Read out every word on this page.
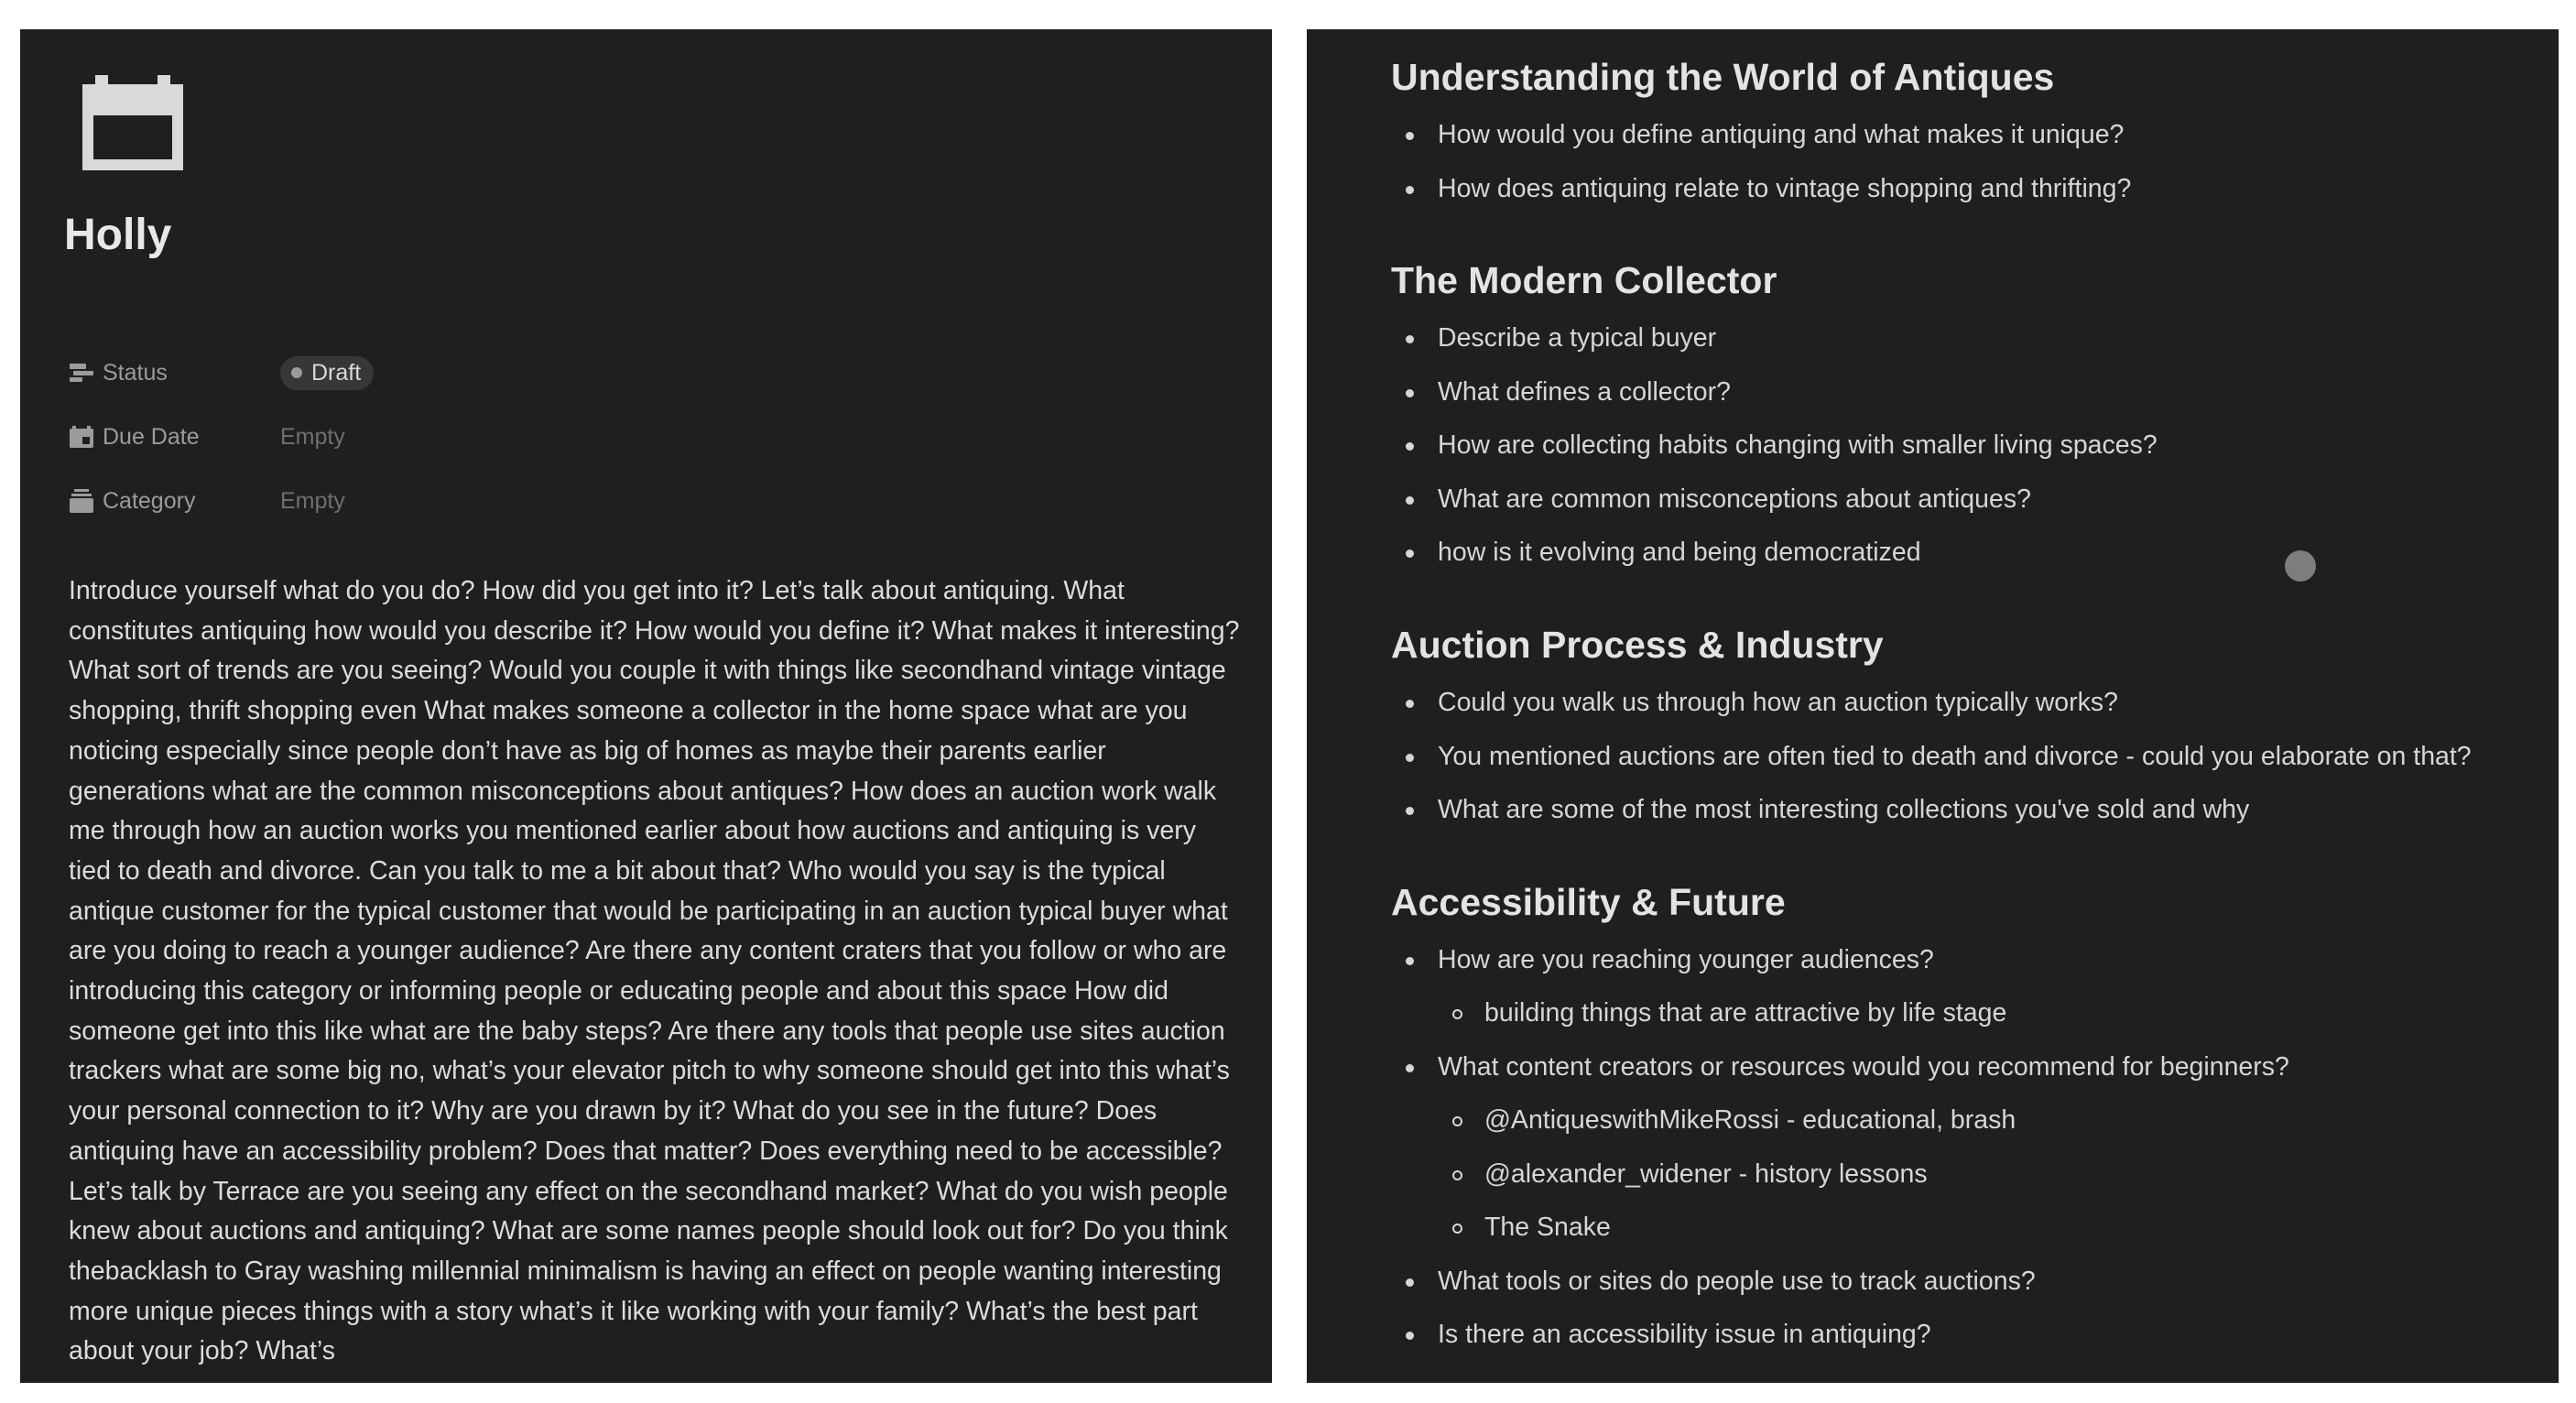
Holly
Status	Draft
Due Date	Empty
Category	Empty

Introduce yourself what do you do? How did you get into it? Let’s talk about antiquing. What constitutes antiquing how would you describe it? How would you define it? What makes it interesting? What sort of trends are you seeing? Would you couple it with things like secondhand vintage vintage shopping, thrift shopping even What makes someone a collector in the home space what are you noticing especially since people don’t have as big of homes as maybe their parents earlier generations what are the common misconceptions about antiques? How does an auction work walk me through how an auction works you mentioned earlier about how auctions and antiquing is very tied to death and divorce. Can you talk to me a bit about that? Who would you say is the typical antique customer for the typical customer that would be participating in an auction typical buyer what are you doing to reach a younger audience? Are there any content craters that you follow or who are introducing this category or informing people or educating people and about this space How did someone get into this like what are the baby steps? Are there any tools that people use sites auction trackers what are some big no, what’s your elevator pitch to why someone should get into this what’s your personal connection to it? Why are you drawn by it? What do you see in the future? Does antiquing have an accessibility problem? Does that matter? Does everything need to be accessible? Let’s talk by Terrace are you seeing any effect on the secondhand market? What do you wish people knew about auctions and antiquing? What are some names people should look out for? Do you think thebacklash to Gray washing millennial minimalism is having an effect on people wanting interesting more unique pieces things with a story what’s it like working with your family? What’s the best part about your job? What’s

Understanding the World of Antiques
How would you define antiquing and what makes it unique?
How does antiquing relate to vintage shopping and thrifting?
The Modern Collector
Describe a typical buyer
What defines a collector?
How are collecting habits changing with smaller living spaces?
What are common misconceptions about antiques?
how is it evolving and being democratized
Auction Process & Industry
Could you walk us through how an auction typically works?
You mentioned auctions are often tied to death and divorce - could you elaborate on that?
What are some of the most interesting collections you've sold and why
Accessibility & Future
How are you reaching younger audiences?
building things that are attractive by life stage
What content creators or resources would you recommend for beginners?
@AntiqueswithMikeRossi - educational, brash
@alexander_widener - history lessons
The Snake
What tools or sites do people use to track auctions?
Is there an accessibility issue in antiquing?
